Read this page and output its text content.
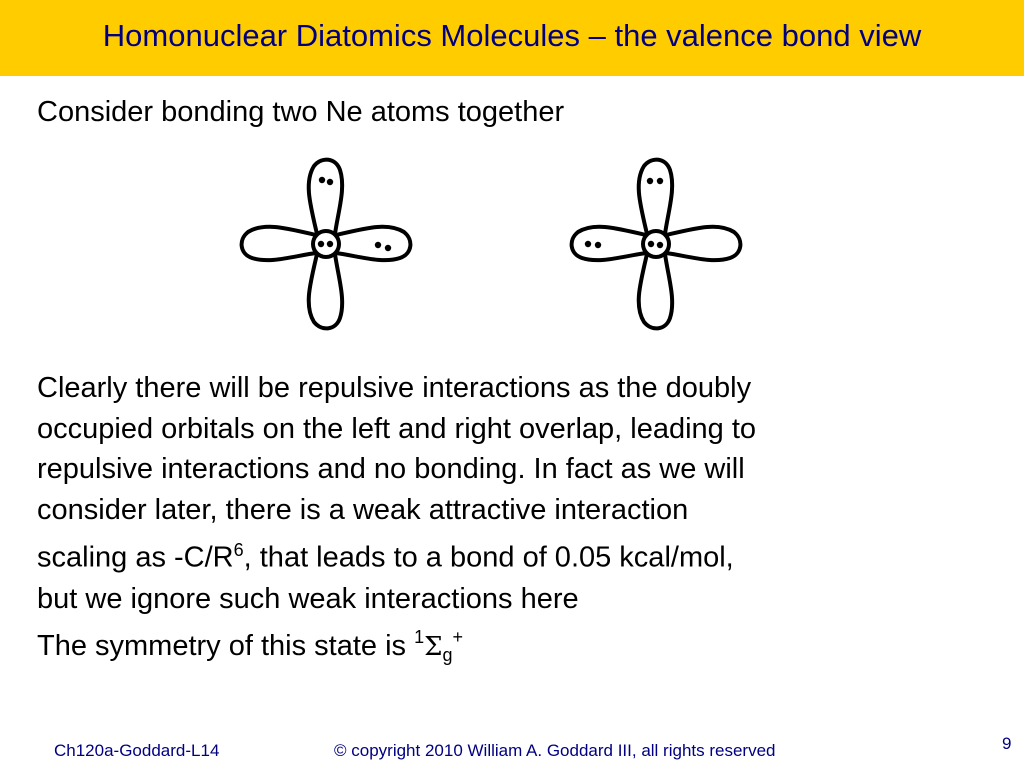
Homonuclear Diatomics Molecules – the valence bond view
Consider bonding two Ne atoms together
Clearly there will be repulsive interactions as the doubly
occupied orbitals on the left and right overlap, leading to
repulsive interactions and no bonding. In fact as we will
consider later, there is a weak attractive interaction
scaling as $-C/R^6$, that leads to a bond of 0.05 kcal/mol,
but we ignore such weak interactions here
The symmetry of this state is $^1\Sigma_g^+$
Ch120a-Goddard-L14	© copyright 2010 William A. Goddard III, all rights reserved	9
